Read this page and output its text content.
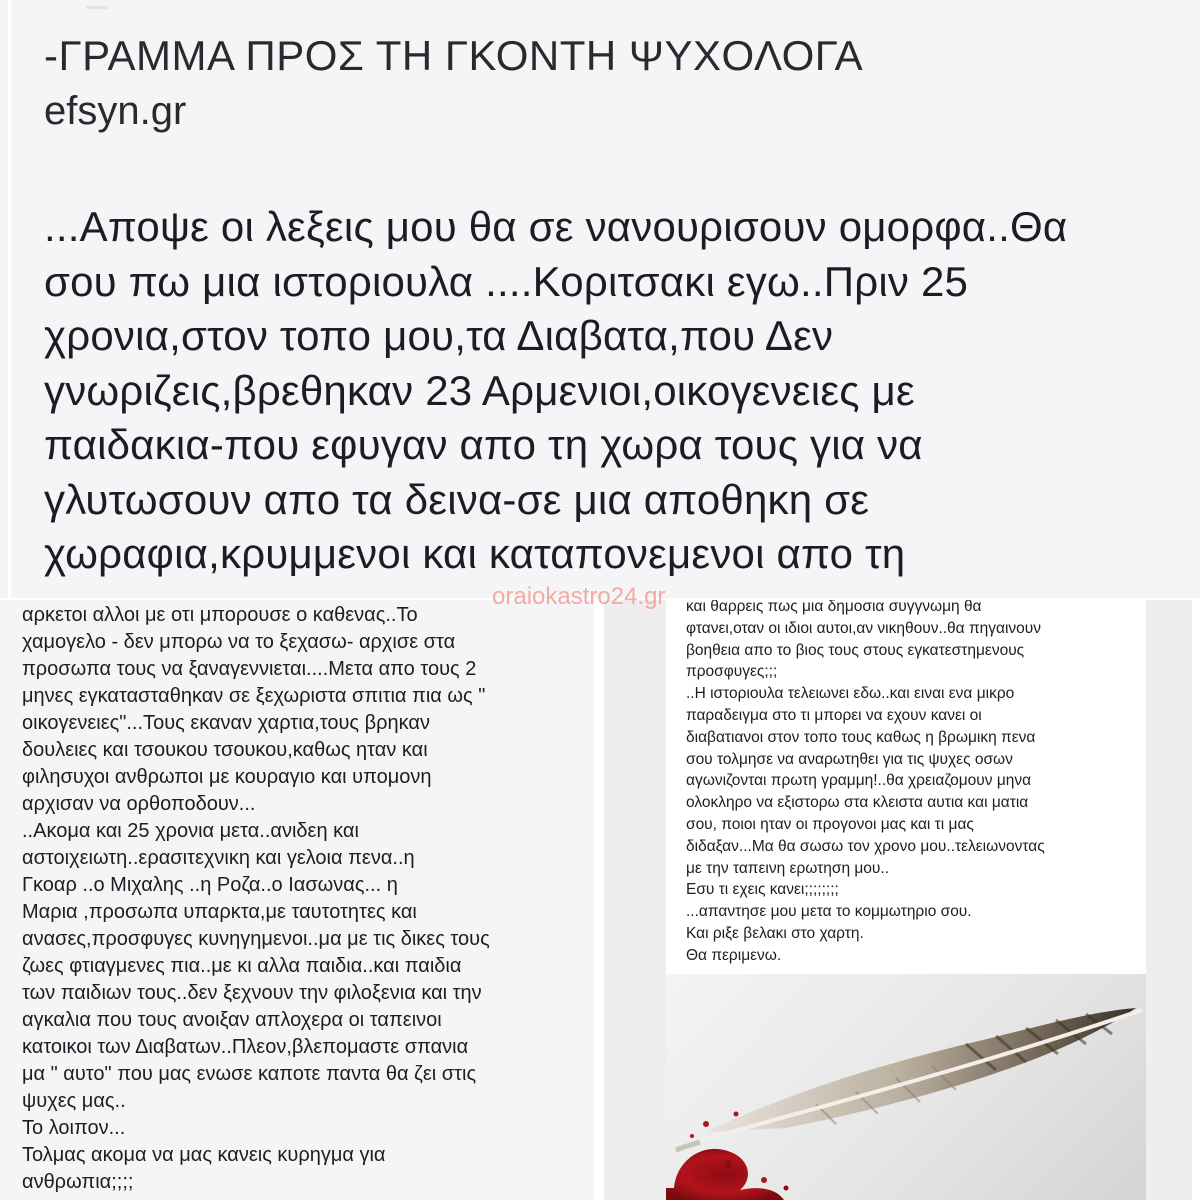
-ΓΡΑΜΜΑ ΠΡΟΣ ΤΗ ΓΚΟΝΤΗ ΨΥΧΟΛΟΓΑ
efsyn.gr
...Αποψε οι λεξεις μου θα σε νανουρισουν ομορφα..Θα
σου πω μια ιστοριουλα ....Κοριτσακι εγω..Πριν 25
χρονια,στον τοπο μου,τα Διαβατα,που Δεν
γνωριζεις,βρεθηκαν 23 Αρμενιοι,οικογενειες με
παιδακια-που εφυγαν απο τη χωρα τους για να
γλυτωσουν απο τα δεινα-σε μια αποθηκη σε
χωραφια,κρυμμενοι και καταπονεμενοι απο τη
αρκετοι αλλοι με οτι μπορουσε ο καθενας..Το
χαμογελο - δεν μπορω να το ξεχασω- αρχισε στα
προσωπα τους να ξαναγεννιεται....Μετα απο τους 2
μηνες εγκατασταθηκαν σε ξεχωριστα σπιτια πια ως "
οικογενειες"...Τους εκαναν χαρτια,τους βρηκαν
δουλειες και τσουκου τσουκου,καθως ηταν και
φιλησυχοι ανθρωποι με κουραγιο και υπομονη
αρχισαν να ορθοποδουν...
..Ακομα και 25 χρονια μετα..ανιδεη και
αστοιχειωτη..ερασιτεχνικη και γελοια πενα..η
Γκοαρ ..ο Μιχαλης ..η Ροζα..ο Ιασωνας... η
Μαρια ,προσωπα υπαρκτα,με ταυτοτητες και
ανασες,προσφυγες κυνηγημενοι..μα με τις δικες τους
ζωες φτιαγμενες πια..με κι αλλα παιδια..και παιδια
των παιδιων τους..δεν ξεχνουν την φιλοξενια και την
αγκαλια που τους ανοιξαν απλοχερα οι ταπεινοι
κατοικοι των Διαβατων..Πλεον,βλεπομαστε σπανια
μα " αυτο" που μας ενωσε καποτε παντα θα ζει στις
ψυχες μας..
Το λοιπον...
Τολμας ακομα να μας κανεις κυρηγμα για
ανθρωπια;;;;
και θαρρεις πως μια δημοσια συγγνωμη θα
φτανει,οταν οι ιδιοι αυτοι,αν νικηθουν..θα πηγαινουν
βοηθεια απο το βιος τους στους εγκατεστημενους
προσφυγες;;;
..Η ιστοριουλα τελειωνει εδω..και ειναι ενα μικρο
παραδειγμα στο τι μπορει να εχουν κανει οι
διαβατιανοι στον τοπο τους καθως η βρωμικη πενα
σου τολμησε να αναρωτηθει για τις ψυχες οσων
αγωνιζονται πρωτη γραμμη!..θα χρειαζομουν μηνα
ολοκληρο να εξιστορω στα κλειστα αυτια και ματια
σου, ποιοι ηταν οι προγονοι μας και τι μας
διδαξαν...Μα θα σωσω τον χρονο μου..τελειωνοντας
με την ταπεινη ερωτηση μου..
Εσυ τι εχεις κανει;;;;;;;;
...απαντησε μου μετα το κομμωτηριο σου.
Και ριξε βελακι στο χαρτη.
Θα περιμενω.
oraiokastro24.gr
